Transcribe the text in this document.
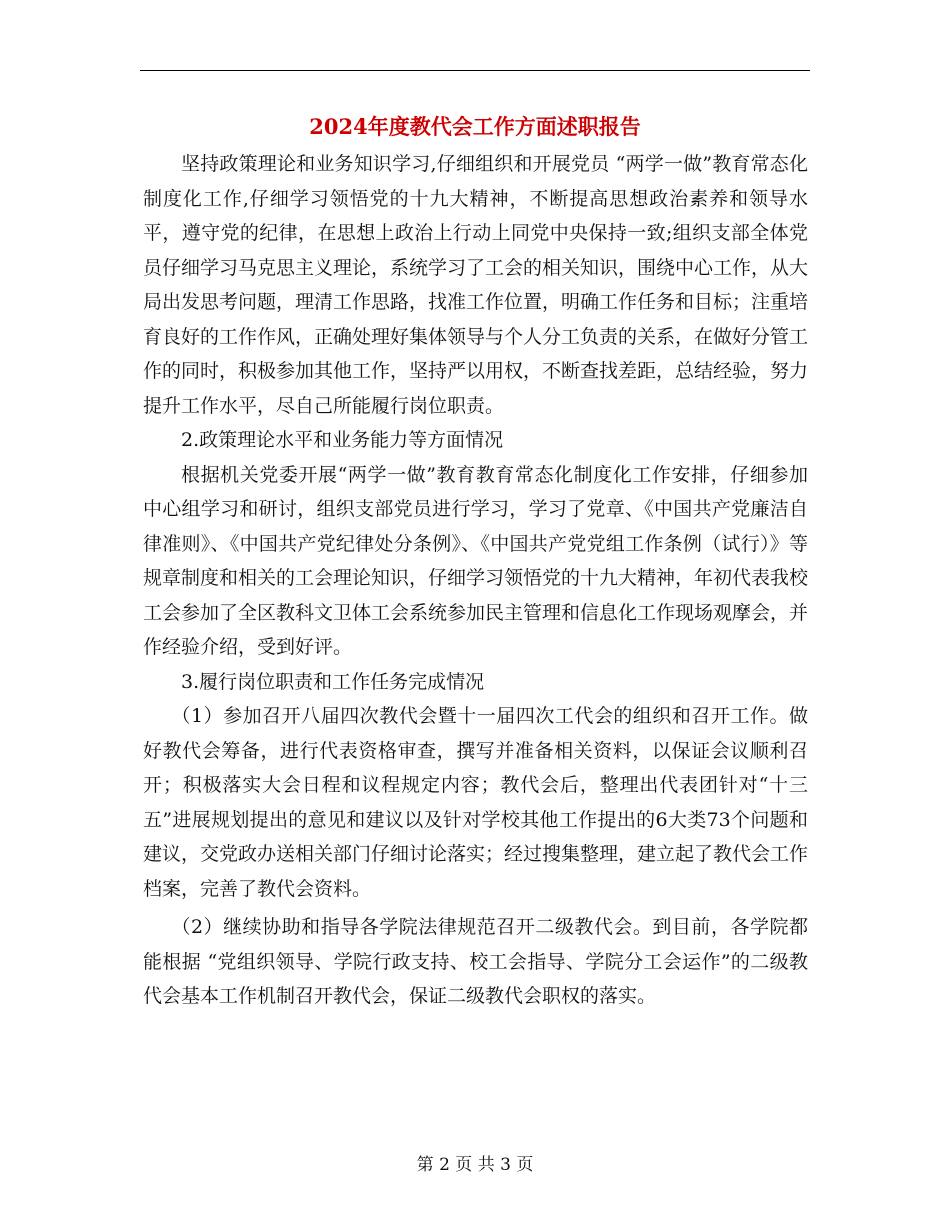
2024年度教代会工作方面述职报告

坚持政策理论和业务知识学习,仔细组织和开展党员 “两学一做”教育常态化制度化工作,仔细学习领悟党的十九大精神，不断提高思想政治素养和领导水平，遵守党的纪律，在思想上政治上行动上同党中央保持一致;组织支部全体党员仔细学习马克思主义理论，系统学习了工会的相关知识，围绕中心工作，从大局出发思考问题，理清工作思路，找准工作位置，明确工作任务和目标；注重培育良好的工作作风，正确处理好集体领导与个人分工负责的关系，在做好分管工作的同时，积极参加其他工作，坚持严以用权，不断查找差距，总结经验，努力提升工作水平，尽自己所能履行岗位职责。

2.政策理论水平和业务能力等方面情况

根据机关党委开展“两学一做”教育教育常态化制度化工作安排，仔细参加中心组学习和研讨，组织支部党员进行学习，学习了党章、《中国共产党廉洁自律准则》、《中国共产党纪律处分条例》、《中国共产党党组工作条例（试行）》等规章制度和相关的工会理论知识，仔细学习领悟党的十九大精神，年初代表我校工会参加了全区教科文卫体工会系统参加民主管理和信息化工作现场观摩会，并作经验介绍，受到好评。

3.履行岗位职责和工作任务完成情况

（1）参加召开八届四次教代会暨十一届四次工代会的组织和召开工作。做好教代会筹备，进行代表资格审查，撰写并准备相关资料，以保证会议顺利召开；积极落实大会日程和议程规定内容；教代会后，整理出代表团针对“十三五”进展规划提出的意见和建议以及针对学校其他工作提出的6大类73个问题和建议，交党政办送相关部门仔细讨论落实；经过搜集整理，建立起了教代会工作档案，完善了教代会资料。

（2）继续协助和指导各学院法律规范召开二级教代会。到目前，各学院都能根据 “党组织领导、学院行政支持、校工会指导、学院分工会运作”的二级教代会基本工作机制召开教代会，保证二级教代会职权的落实。

第 2 页 共 3 页
